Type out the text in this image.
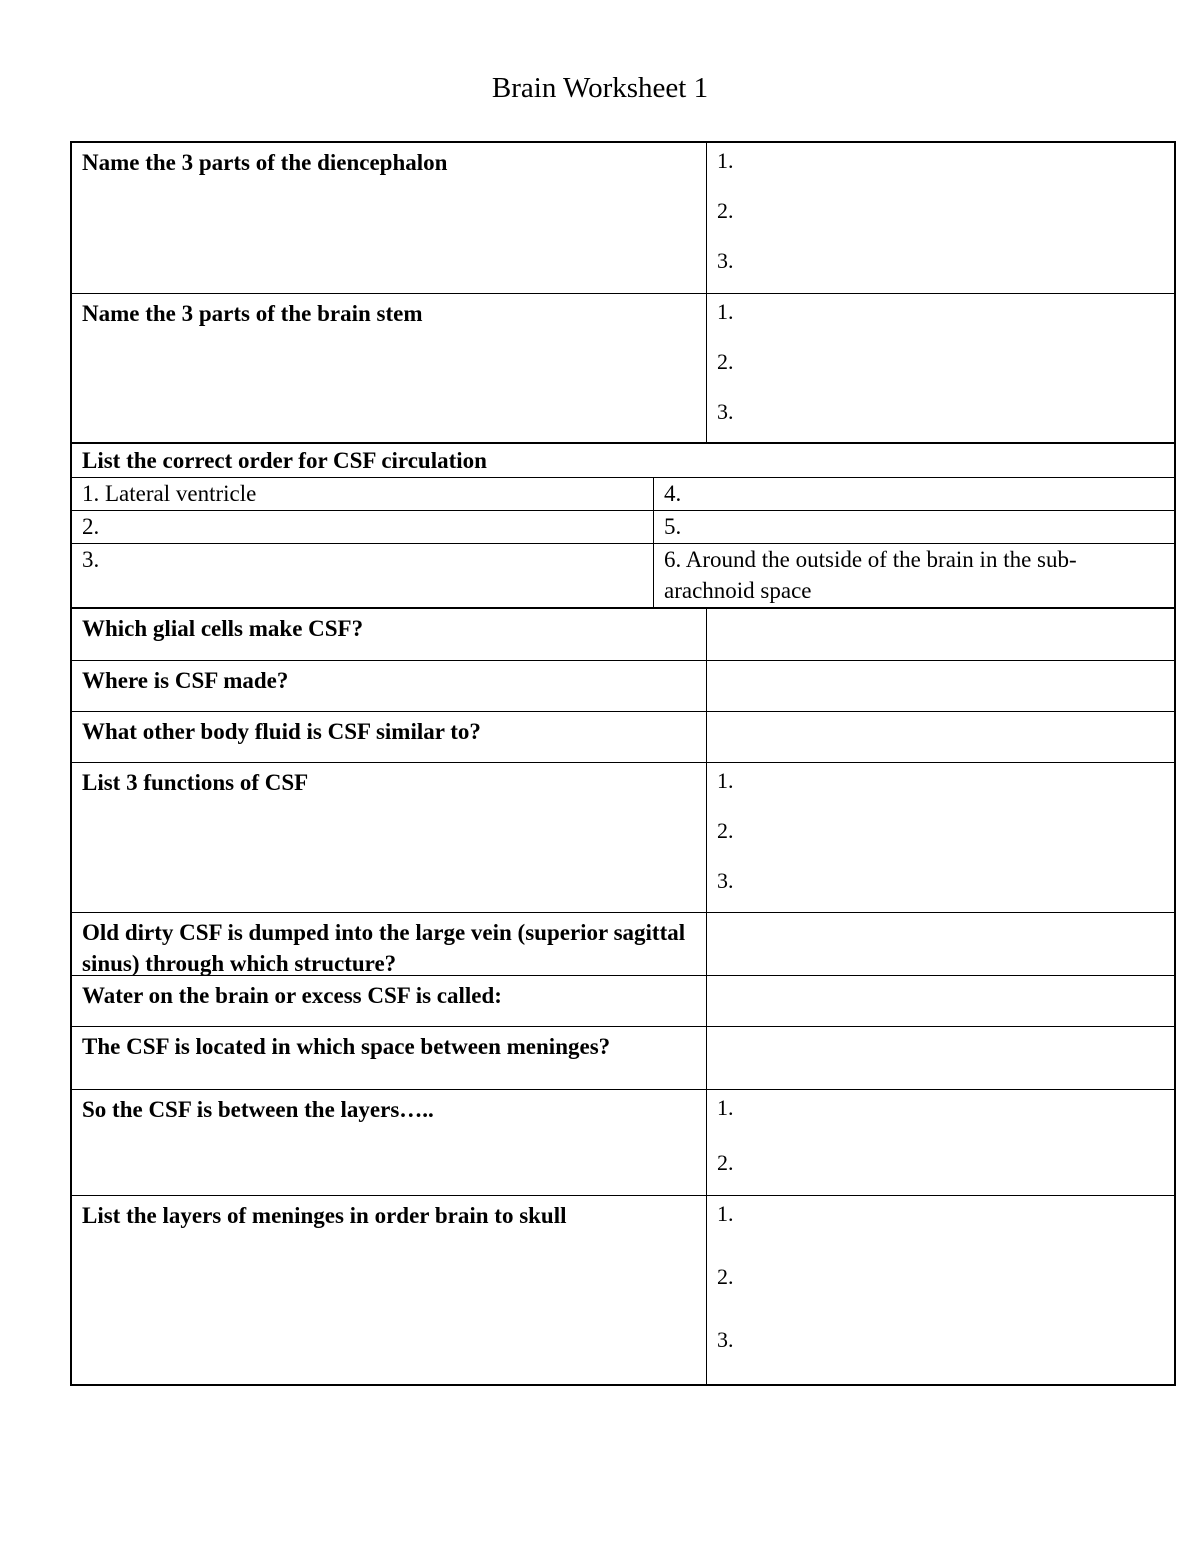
Brain Worksheet 1
Name the 3 parts of the diencephalon	1.
2.
3.
Name the 3 parts of the brain stem	1.
2.
3.
List the correct order for CSF circulation
1. Lateral ventricle	4.
2.	5.
3.	6. Around the outside of the brain in the sub-arachnoid space
Which glial cells make CSF?
Where is CSF made?
What other body fluid is CSF similar to?
List 3 functions of CSF	1.
2.
3.
Old dirty CSF is dumped into the large vein (superior sagittal sinus) through which structure?
Water on the brain or excess CSF is called:
The CSF is located in which space between meninges?
So the CSF is between the layers…..	1.
2.
List the layers of meninges in order brain to skull	1.
2.
3.
